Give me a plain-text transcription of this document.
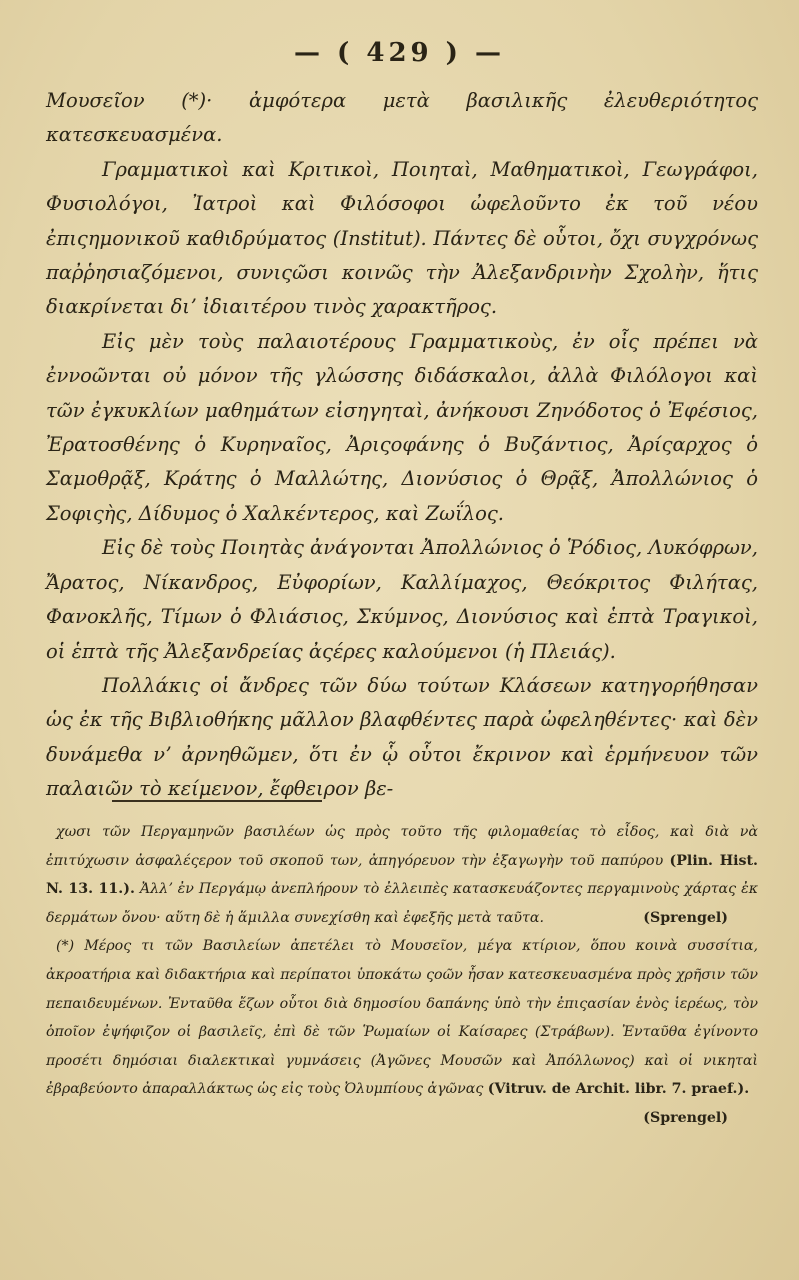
— ( 429 ) —

Μουσεῖον (*)· ἀμφότερα μετὰ βασιλικῆς ἐλευθεριότητος κατεσκευασμένα.

Γραμματικοὶ καὶ Κριτικοὶ, Ποιηταὶ, Μαθηματικοὶ, Γεωγράφοι, Φυσιολόγοι, Ἰατροὶ καὶ Φιλόσοφοι ὠφελοῦντο ἐκ τοῦ νέου ἐπιςημονικοῦ καθιδρύματος (Institut). Πάντες δὲ οὗτοι, ὄχι συγχρόνως παῤῥησιαζόμενοι, συνιςῶσι κοινῶς τὴν Ἀλεξανδρινὴν Σχολὴν, ἥτις διακρίνεται διʼ ἰδιαιτέρου τινὸς χαρακτῆρος.

Εἰς μὲν τοὺς παλαιοτέρους Γραμματικοὺς, ἐν οἷς πρέπει νὰ ἐννοῶνται οὐ μόνον τῆς γλώσσης διδάσκαλοι, ἀλλὰ Φιλόλογοι καὶ τῶν ἐγκυκλίων μαθημάτων εἰσηγηταὶ, ἀνήκουσι Ζηνόδοτος ὁ Ἐφέσιος, Ἐρατοσθένης ὁ Κυρηναῖος, Ἀριςοφάνης ὁ Βυζάντιος, Ἀρίςαρχος ὁ Σαμοθρᾷξ, Κράτης ὁ Μαλλώτης, Διονύσιος ὁ Θρᾷξ, Ἀπολλώνιος ὁ Σοφιςὴς, Δίδυμος ὁ Χαλκέντερος, καὶ Ζωΐλος.

Εἰς δὲ τοὺς Ποιητὰς ἀνάγονται Ἀπολλώνιος ὁ Ῥόδιος, Λυκόφρων, Ἄρατος, Νίκανδρος, Εὐφορίων, Καλλίμαχος, Θεόκριτος Φιλήτας, Φανοκλῆς, Τίμων ὁ Φλιάσιος, Σκύμνος, Διονύσιος καὶ ἑπτὰ Τραγικοὶ, οἱ ἑπτὰ τῆς Ἀλεξανδρείας ἀςέρες καλούμενοι (ἡ Πλειάς).

Πολλάκις οἱ ἄνδρες τῶν δύω τούτων Κλάσεων κατηγορήθησαν ὡς ἐκ τῆς Βιβλιοθήκης μᾶλλον βλαφθέντες παρὰ ὠφεληθέντες· καὶ δὲν δυνάμεθα νʼ ἀρνηθῶμεν, ὅτι ἐν ᾧ οὗτοι ἔκρινον καὶ ἑρμήνευον τῶν παλαιῶν τὸ κείμενον, ἔφθειρον βε-

χωσι τῶν Περγαμηνῶν βασιλέων ὡς πρὸς τοῦτο τῆς φιλομαθείας τὸ εἶδος, καὶ διὰ νὰ ἐπιτύχωσιν ἀσφαλέςερον τοῦ σκοποῦ των, ἀπηγόρευον τὴν ἐξαγωγὴν τοῦ παπύρου (Plin. Hist. N. 13. 11.). Ἀλλʼ ἐν Περγάμῳ ἀνεπλήρουν τὸ ἐλλειπὲς κατασκευάζοντες περγαμινοὺς χάρτας ἐκ δερμάτων ὄνου· αὕτη δὲ ἡ ἅμιλλα συνεχίσθη καὶ ἐφεξῆς μετὰ ταῦτα.	(Sprengel)

(*) Μέρος τι τῶν Βασιλείων ἀπετέλει τὸ Μουσεῖον, μέγα κτίριον, ὅπου κοινὰ συσσίτια, ἀκροατήρια καὶ διδακτήρια καὶ περίπατοι ὑποκάτω ςοῶν ἦσαν κατεσκευασμένα πρὸς χρῆσιν τῶν πεπαιδευμένων. Ἐνταῦθα ἔζων οὗτοι διὰ δημοσίου δαπάνης ὑπὸ τὴν ἐπιςασίαν ἑνὸς ἱερέως, τὸν ὁποῖον ἐψήφιζον οἱ βασιλεῖς, ἐπὶ δὲ τῶν Ῥωμαίων οἱ Καίσαρες (Στράβων). Ἐνταῦθα ἐγίνοντο προσέτι δημόσιαι διαλεκτικαὶ γυμνάσεις (Ἀγῶνες Μουσῶν καὶ Ἀπόλλωνος) καὶ οἱ νικηταὶ ἐβραβεύοντο ἀπαραλλάκτως ὡς εἰς τοὺς Ὀλυμπίους ἀγῶνας (Vitruv. de Archit. libr. 7. praef.).
(Sprengel)
